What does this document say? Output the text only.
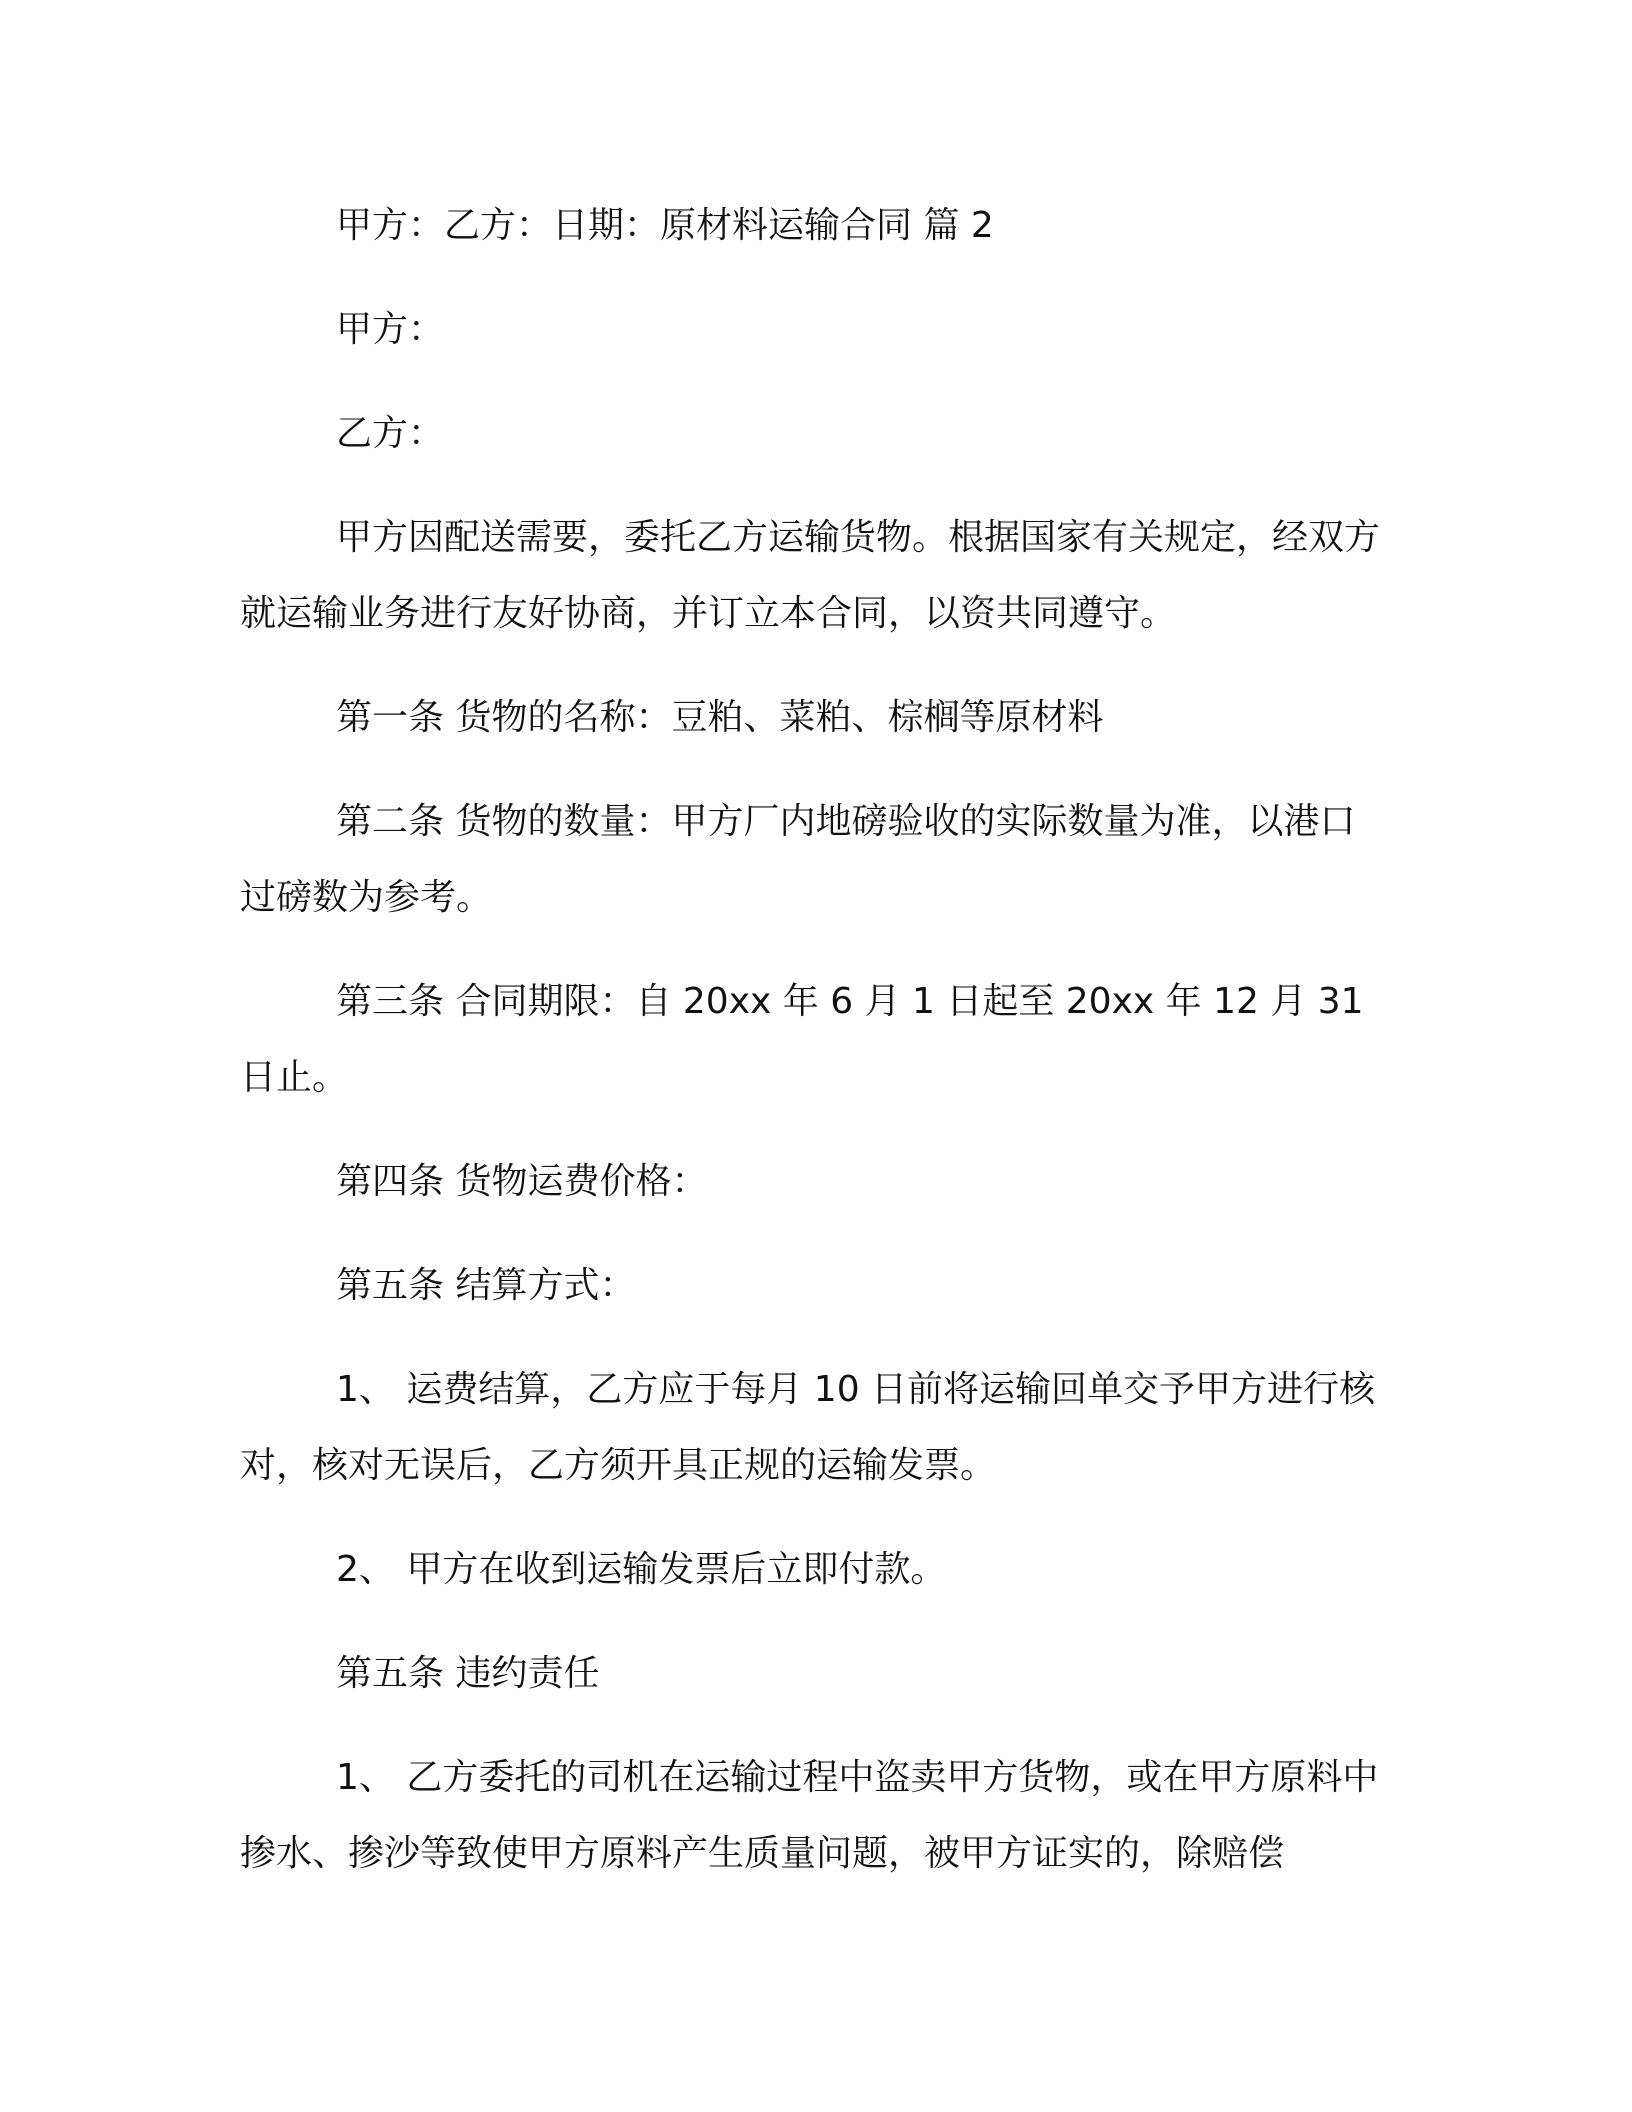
甲方：乙方：日期：原材料运输合同 篇 2

甲方：

乙方：

甲方因配送需要，委托乙方运输货物。根据国家有关规定，经双方就运输业务进行友好协商，并订立本合同，以资共同遵守。

第一条 货物的名称：豆粕、菜粕、棕榈等原材料

第二条 货物的数量：甲方厂内地磅验收的实际数量为准，以港口过磅数为参考。

第三条 合同期限：自 20xx 年 6 月 1 日起至 20xx 年 12 月 31 日止。

第四条 货物运费价格：

第五条 结算方式：

1、 运费结算，乙方应于每月 10 日前将运输回单交予甲方进行核对，核对无误后，乙方须开具正规的运输发票。

2、 甲方在收到运输发票后立即付款。

第五条 违约责任

1、 乙方委托的司机在运输过程中盗卖甲方货物，或在甲方原料中掺水、掺沙等致使甲方原料产生质量问题，被甲方证实的，除赔偿
